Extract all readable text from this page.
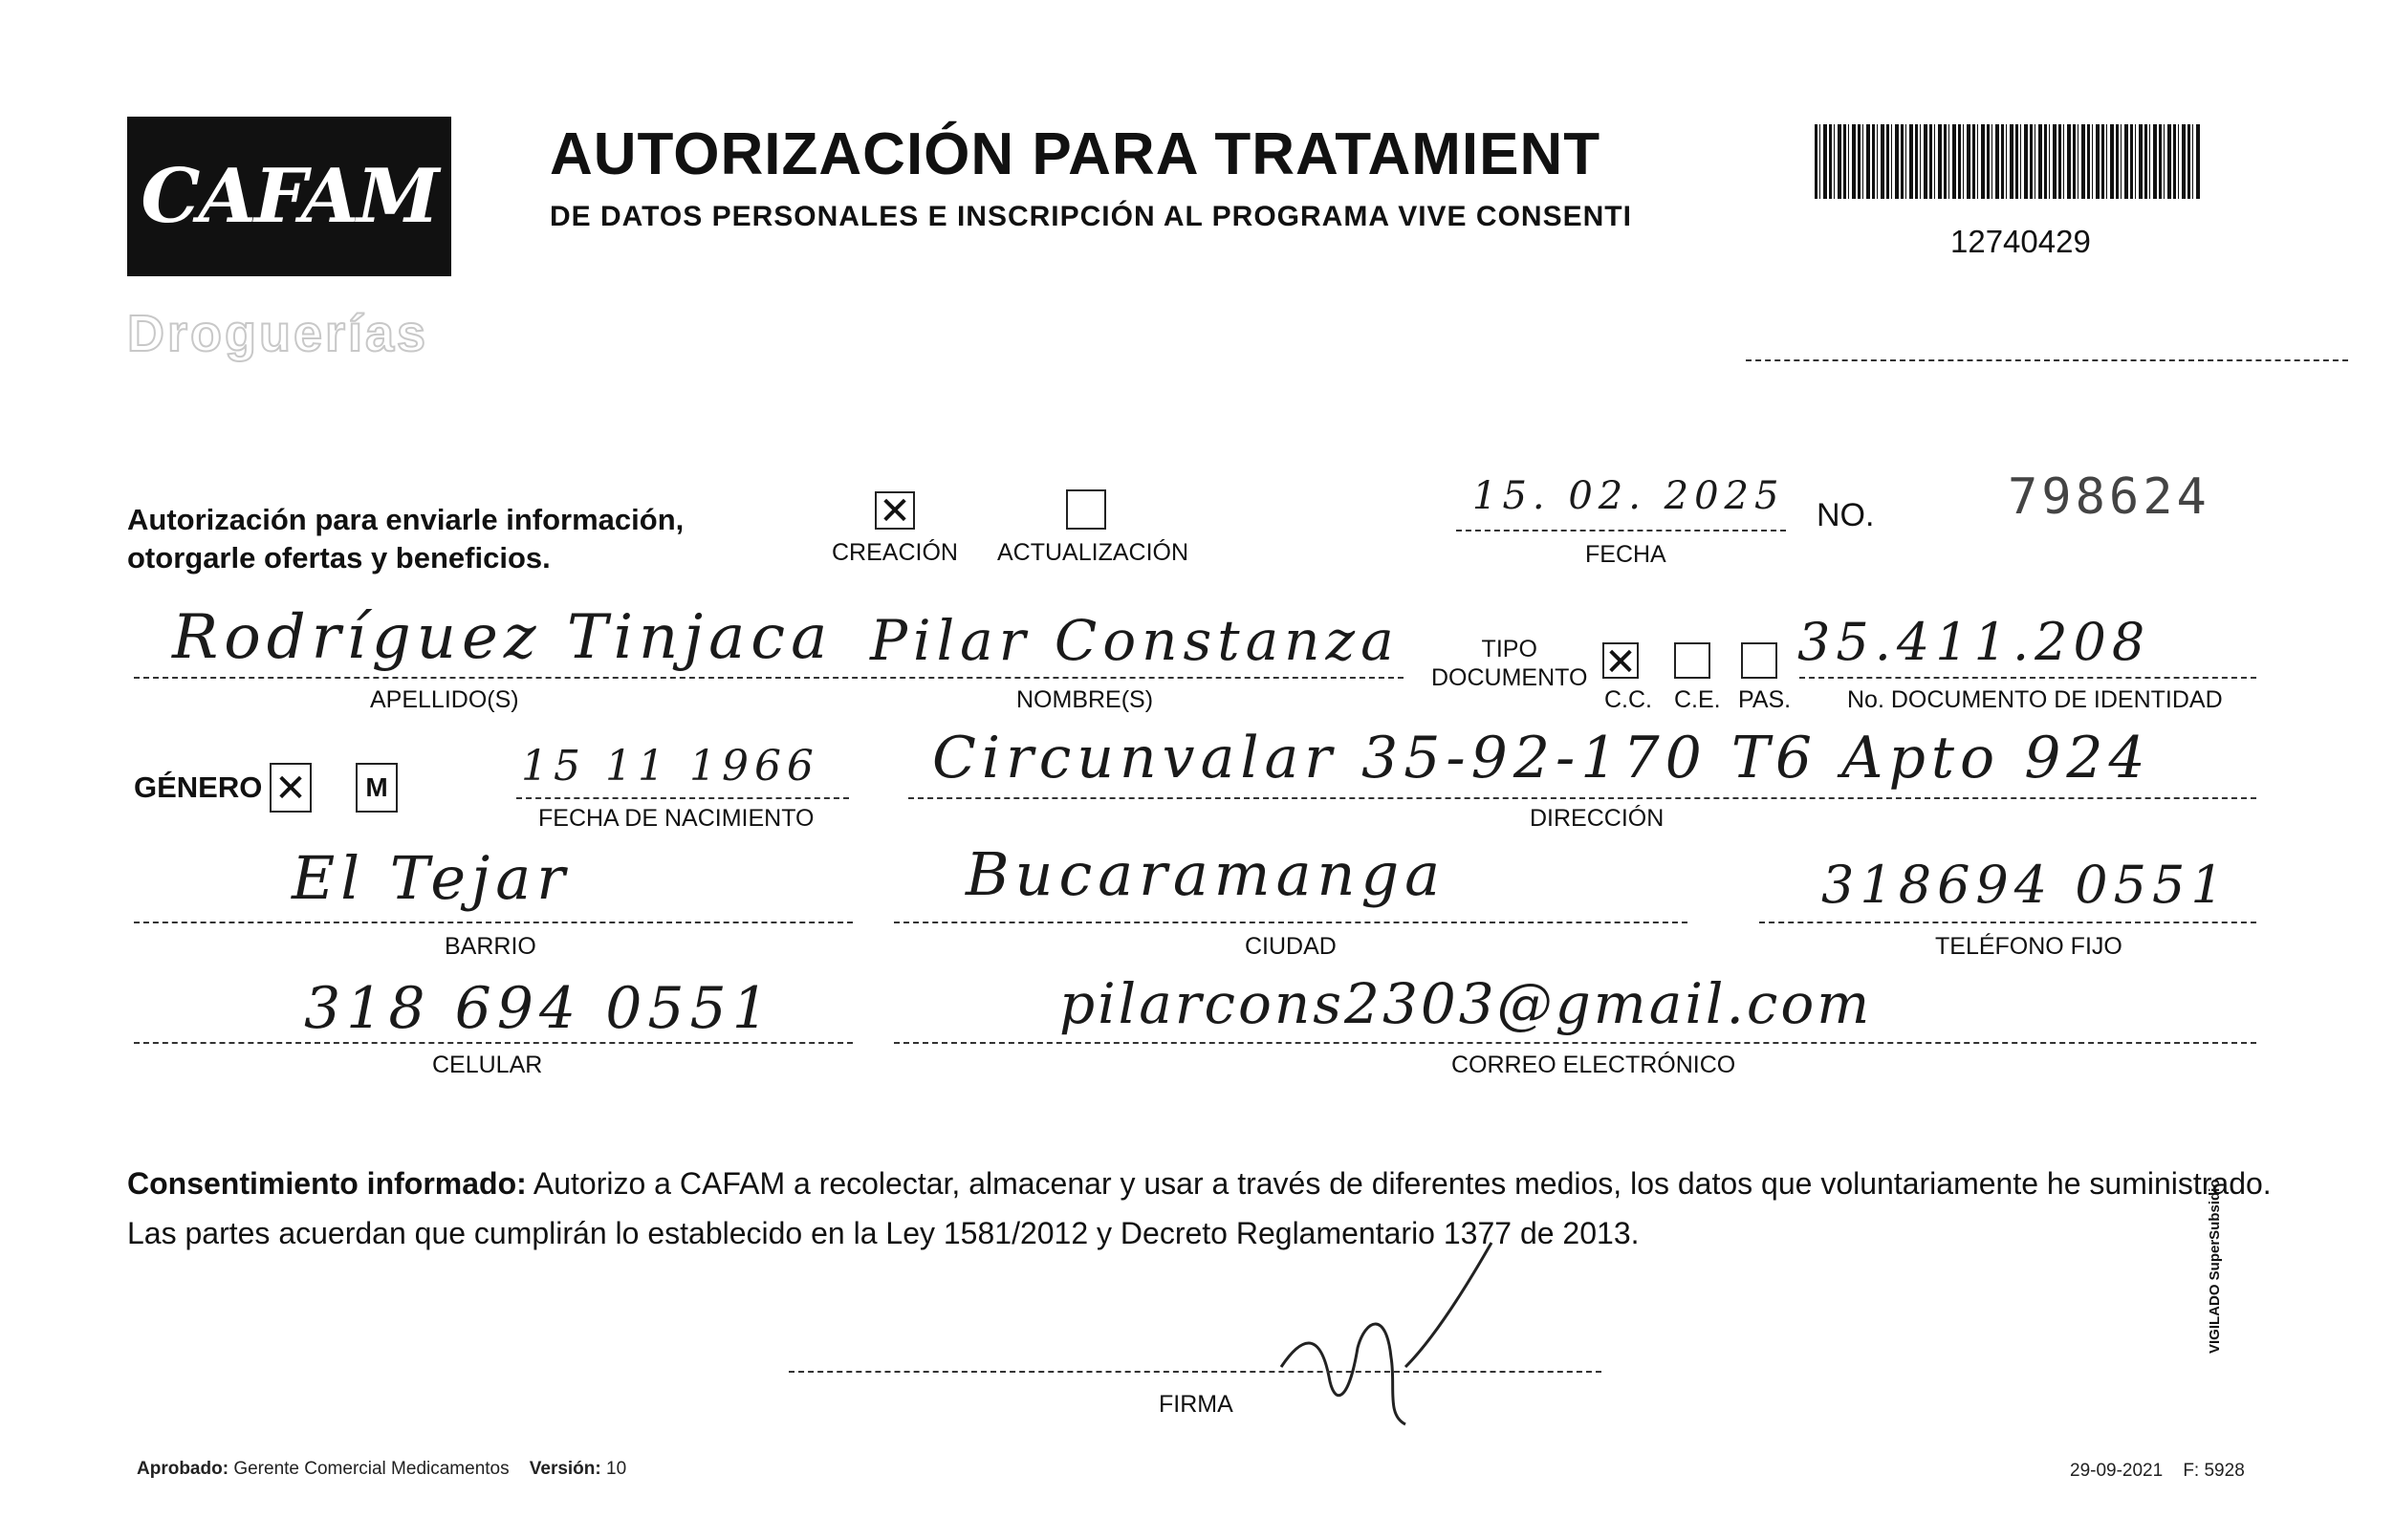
CAFAM
Droguerías
AUTORIZACIÓN PARA TRATAMIENT
DE DATOS PERSONALES E INSCRIPCIÓN AL PROGRAMA VIVE CONSENTI
12740429
Autorización para enviarle información,
otorgarle ofertas y beneficios.
✕
CREACIÓN ACTUALIZACIÓN
15. 02. 2025
FECHA
NO.	798624
Rodríguez Tinjaca Pilar Constanza
APELLIDO(S)	NOMBRE(S)
TIPO
DOCUMENTO ✕
C.C. C.E. PAS.
35.411.208
No. DOCUMENTO DE IDENTIDAD
GÉNERO ✕ M	15 11 1966
FECHA DE NACIMIENTO
Circunvalar 35-92-170 T6 Apto 924
DIRECCIÓN
El Tejar
BARRIO
Bucaramanga
CIUDAD
318694 0551
TELÉFONO FIJO
318 694 0551
CELULAR
pilarcons2303@gmail.com
CORREO ELECTRÓNICO
Consentimiento informado: Autorizo a CAFAM a recolectar, almacenar y usar a través de diferentes medios, los datos que voluntariamente he suministrado.
Las partes acuerdan que cumplirán lo establecido en la Ley 1581/2012 y Decreto Reglamentario 1377 de 2013.
FIRMA
Aprobado: Gerente Comercial Medicamentos Versión: 10	29-09-2021 F: 5928
VIGILADO SuperSubsidio
